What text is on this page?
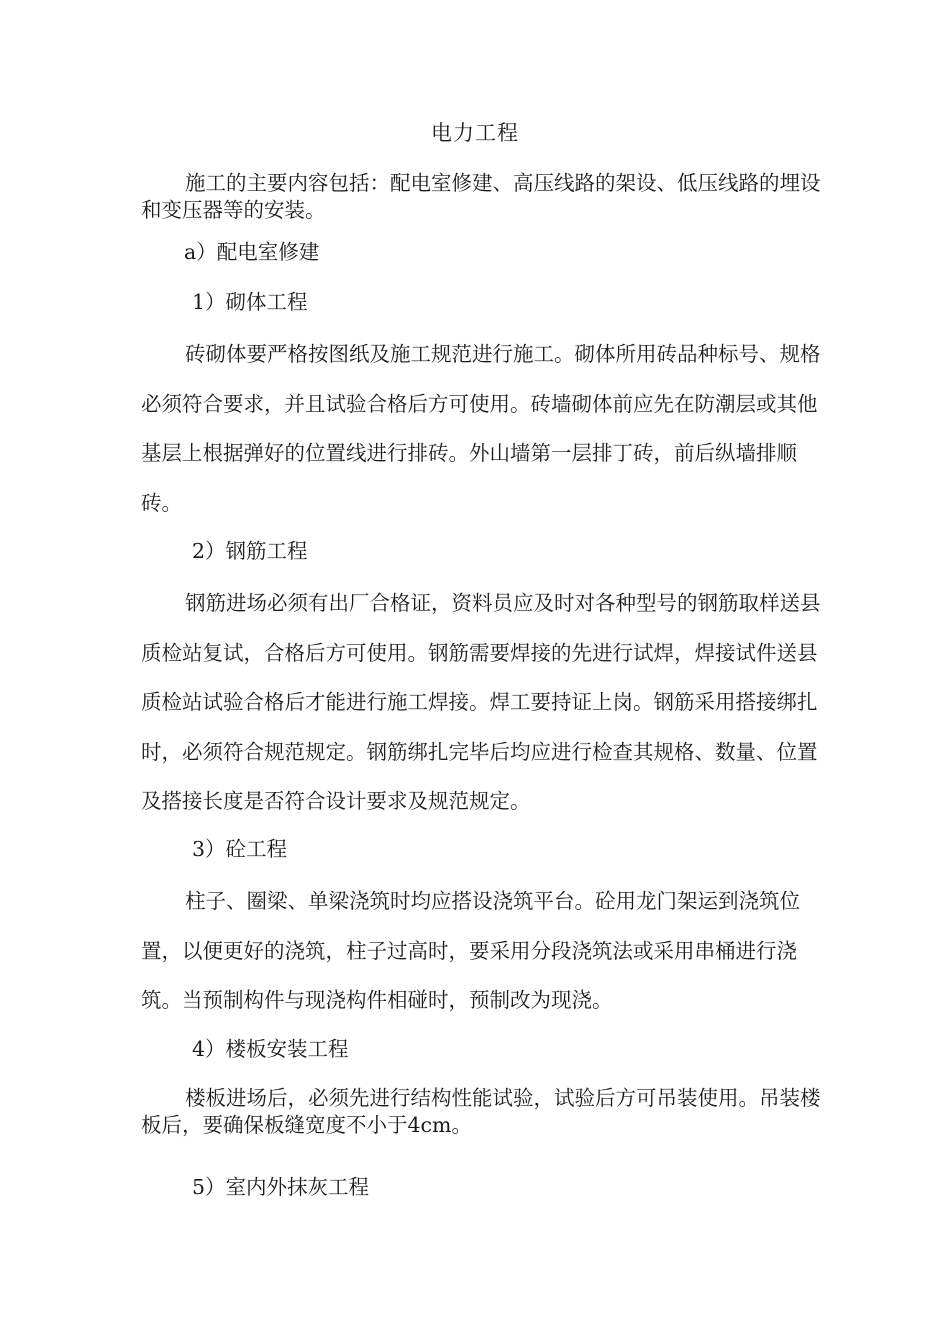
电力工程

施工的主要内容包括：配电室修建、高压线路的架设、低压线路的埋设和变压器等的安装。

a）配电室修建

1）砌体工程

砖砌体要严格按图纸及施工规范进行施工。砌体所用砖品种标号、规格必须符合要求，并且试验合格后方可使用。砖墙砌体前应先在防潮层或其他基层上根据弹好的位置线进行排砖。外山墙第一层排丁砖，前后纵墙排顺砖。

2）钢筋工程

钢筋进场必须有出厂合格证，资料员应及时对各种型号的钢筋取样送县质检站复试，合格后方可使用。钢筋需要焊接的先进行试焊，焊接试件送县质检站试验合格后才能进行施工焊接。焊工要持证上岗。钢筋采用搭接绑扎时，必须符合规范规定。钢筋绑扎完毕后均应进行检查其规格、数量、位置及搭接长度是否符合设计要求及规范规定。

3）砼工程

柱子、圈梁、单梁浇筑时均应搭设浇筑平台。砼用龙门架运到浇筑位置，以便更好的浇筑，柱子过高时，要采用分段浇筑法或采用串桶进行浇筑。当预制构件与现浇构件相碰时，预制改为现浇。

4）楼板安装工程

楼板进场后，必须先进行结构性能试验，试验后方可吊装使用。吊装楼板后，要确保板缝宽度不小于4cm。

5）室内外抹灰工程
